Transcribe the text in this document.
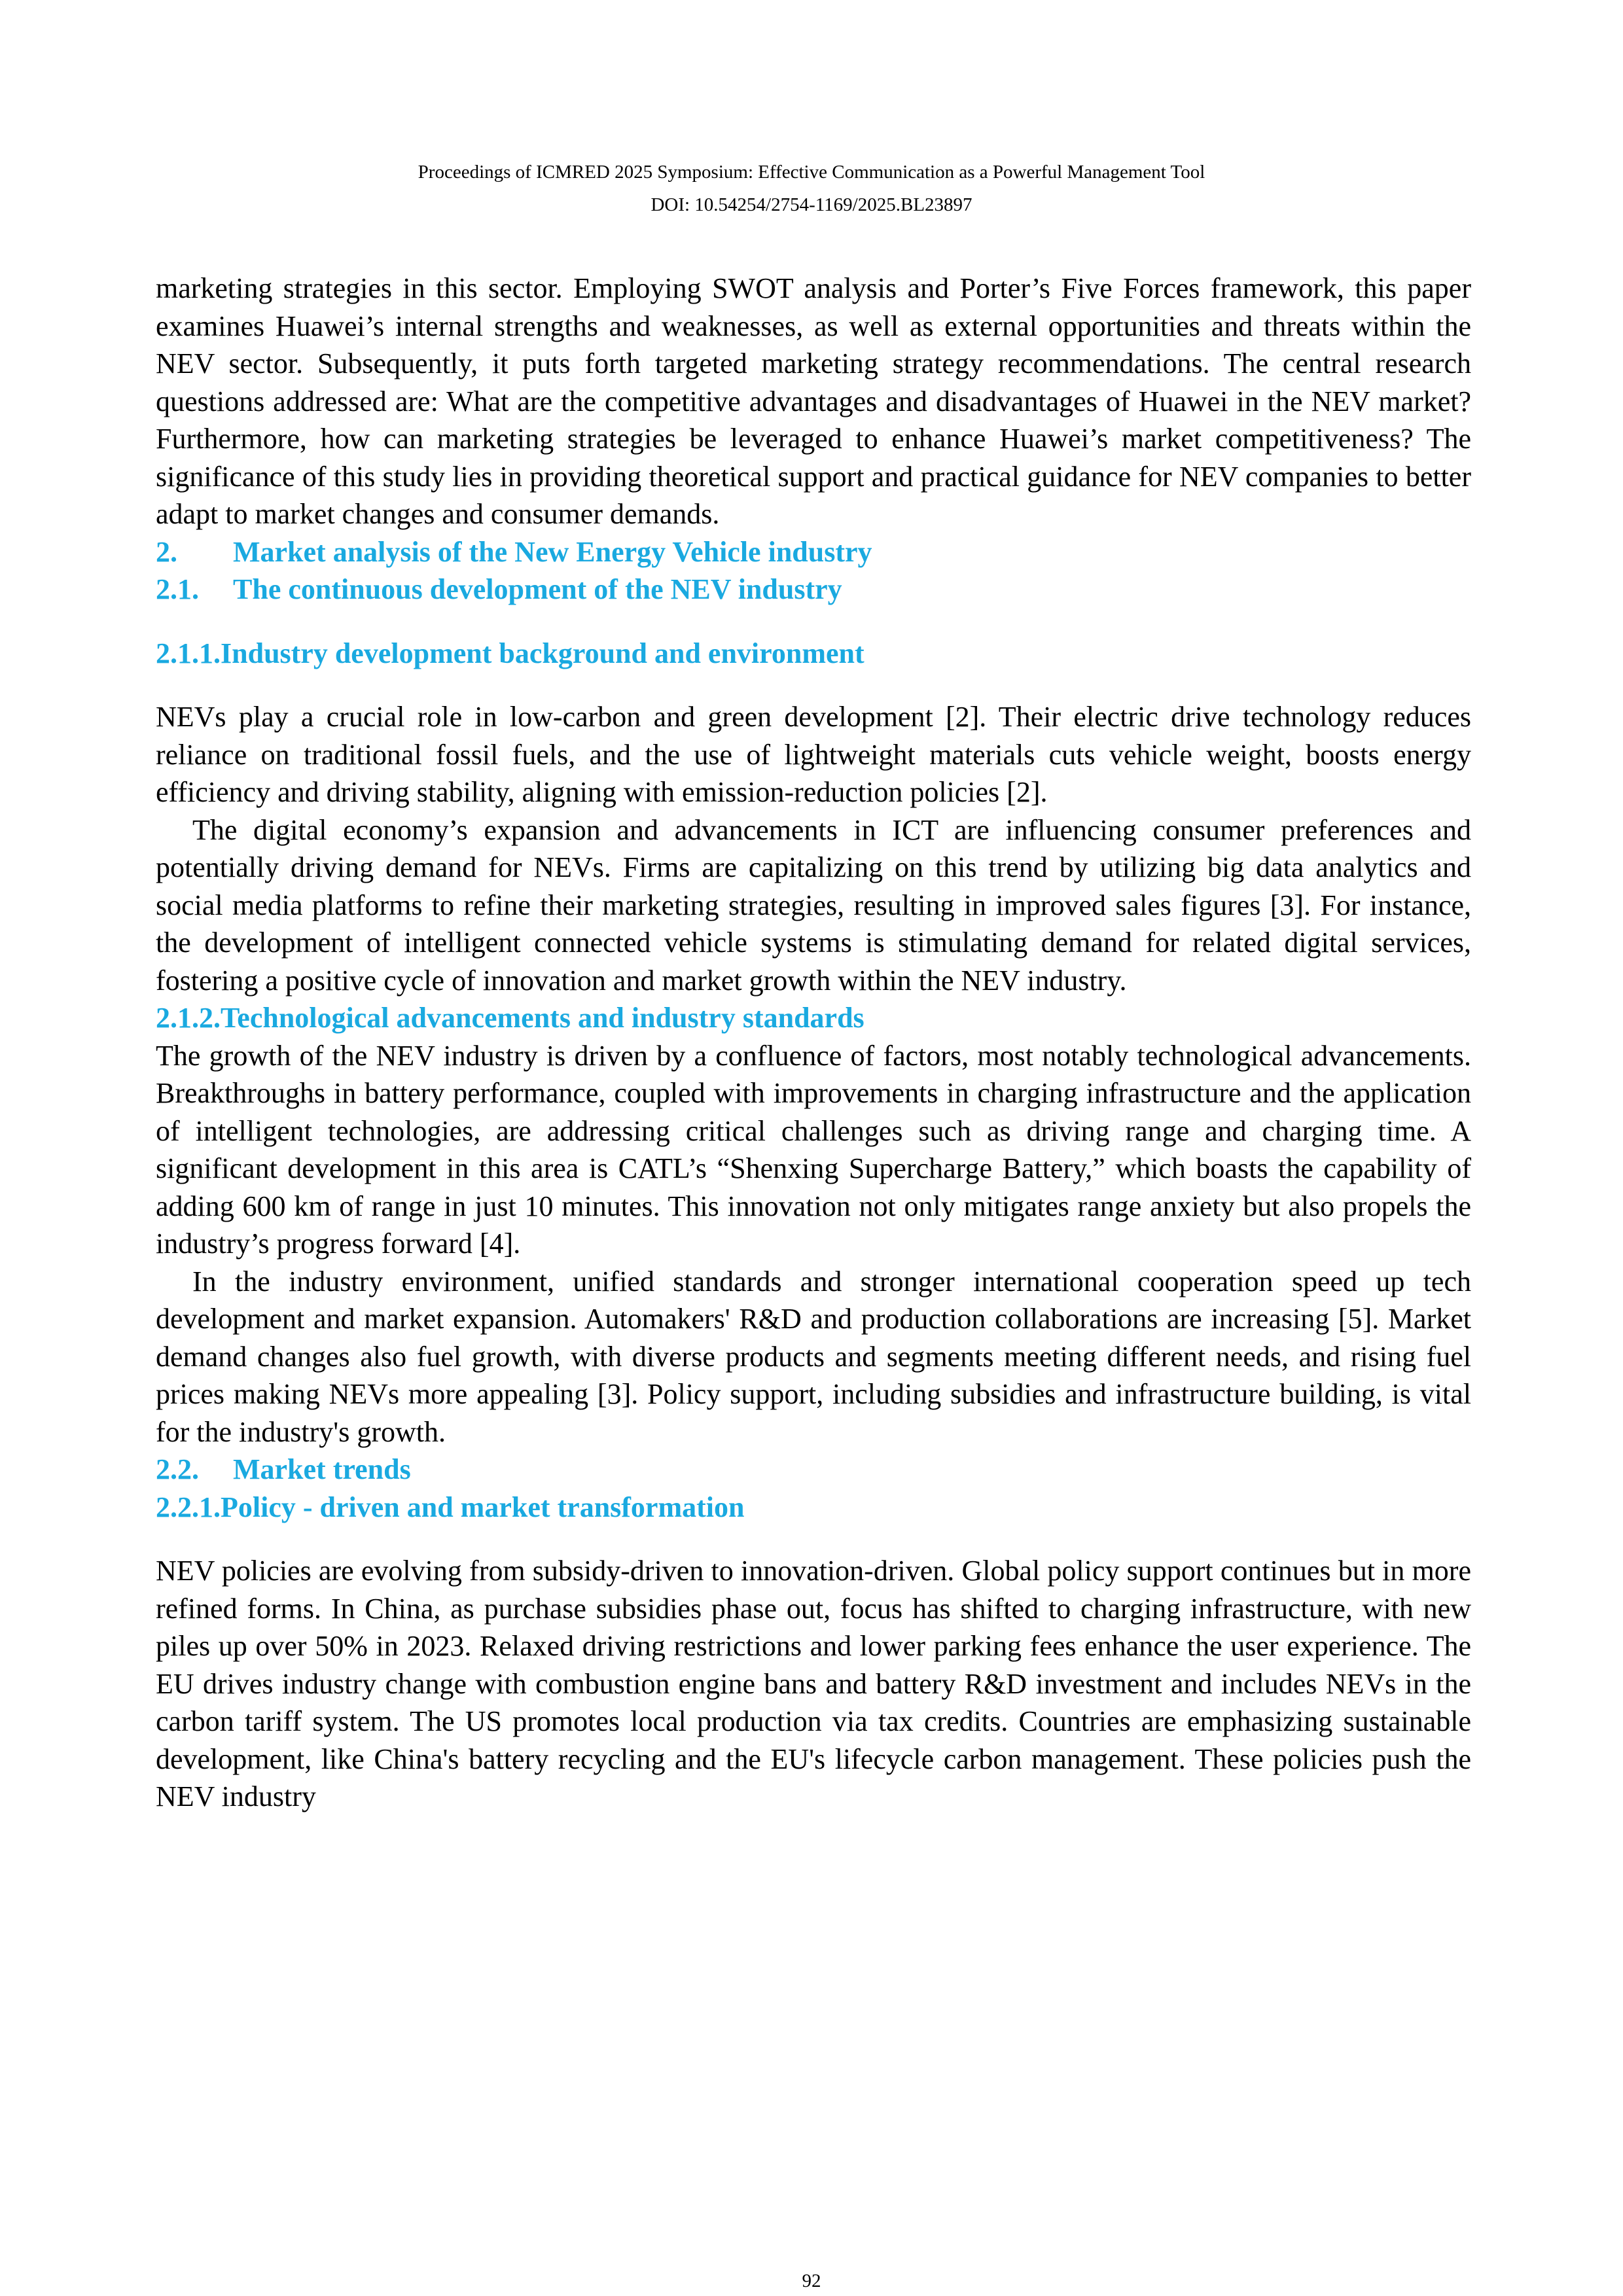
Proceedings of ICMRED 2025 Symposium: Effective Communication as a Powerful Management Tool
DOI: 10.54254/2754-1169/2025.BL23897

marketing strategies in this sector. Employing SWOT analysis and Porter’s Five Forces framework, this paper examines Huawei’s internal strengths and weaknesses, as well as external opportunities and threats within the NEV sector. Subsequently, it puts forth targeted marketing strategy recommendations. The central research questions addressed are: What are the competitive advantages and disadvantages of Huawei in the NEV market? Furthermore, how can marketing strategies be leveraged to enhance Huawei’s market competitiveness? The significance of this study lies in providing theoretical support and practical guidance for NEV companies to better adapt to market changes and consumer demands.

2.	Market analysis of the New Energy Vehicle industry
2.1.	The continuous development of the NEV industry
2.1.1. Industry development background and environment

NEVs play a crucial role in low-carbon and green development [2]. Their electric drive technology reduces reliance on traditional fossil fuels, and the use of lightweight materials cuts vehicle weight, boosts energy efficiency and driving stability, aligning with emission-reduction policies [2].

The digital economy’s expansion and advancements in ICT are influencing consumer preferences and potentially driving demand for NEVs. Firms are capitalizing on this trend by utilizing big data analytics and social media platforms to refine their marketing strategies, resulting in improved sales figures [3]. For instance, the development of intelligent connected vehicle systems is stimulating demand for related digital services, fostering a positive cycle of innovation and market growth within the NEV industry.

2.1.2. Technological advancements and industry standards

The growth of the NEV industry is driven by a confluence of factors, most notably technological advancements. Breakthroughs in battery performance, coupled with improvements in charging infrastructure and the application of intelligent technologies, are addressing critical challenges such as driving range and charging time. A significant development in this area is CATL’s “Shenxing Supercharge Battery,” which boasts the capability of adding 600 km of range in just 10 minutes. This innovation not only mitigates range anxiety but also propels the industry’s progress forward [4].

In the industry environment, unified standards and stronger international cooperation speed up tech development and market expansion. Automakers' R&D and production collaborations are increasing [5]. Market demand changes also fuel growth, with diverse products and segments meeting different needs, and rising fuel prices making NEVs more appealing [3]. Policy support, including subsidies and infrastructure building, is vital for the industry's growth.

2.2.	Market trends
2.2.1. Policy - driven and market transformation

NEV policies are evolving from subsidy-driven to innovation-driven. Global policy support continues but in more refined forms. In China, as purchase subsidies phase out, focus has shifted to charging infrastructure, with new piles up over 50% in 2023. Relaxed driving restrictions and lower parking fees enhance the user experience. The EU drives industry change with combustion engine bans and battery R&D investment and includes NEVs in the carbon tariff system. The US promotes local production via tax credits. Countries are emphasizing sustainable development, like China's battery recycling and the EU's lifecycle carbon management. These policies push the NEV industry

92
